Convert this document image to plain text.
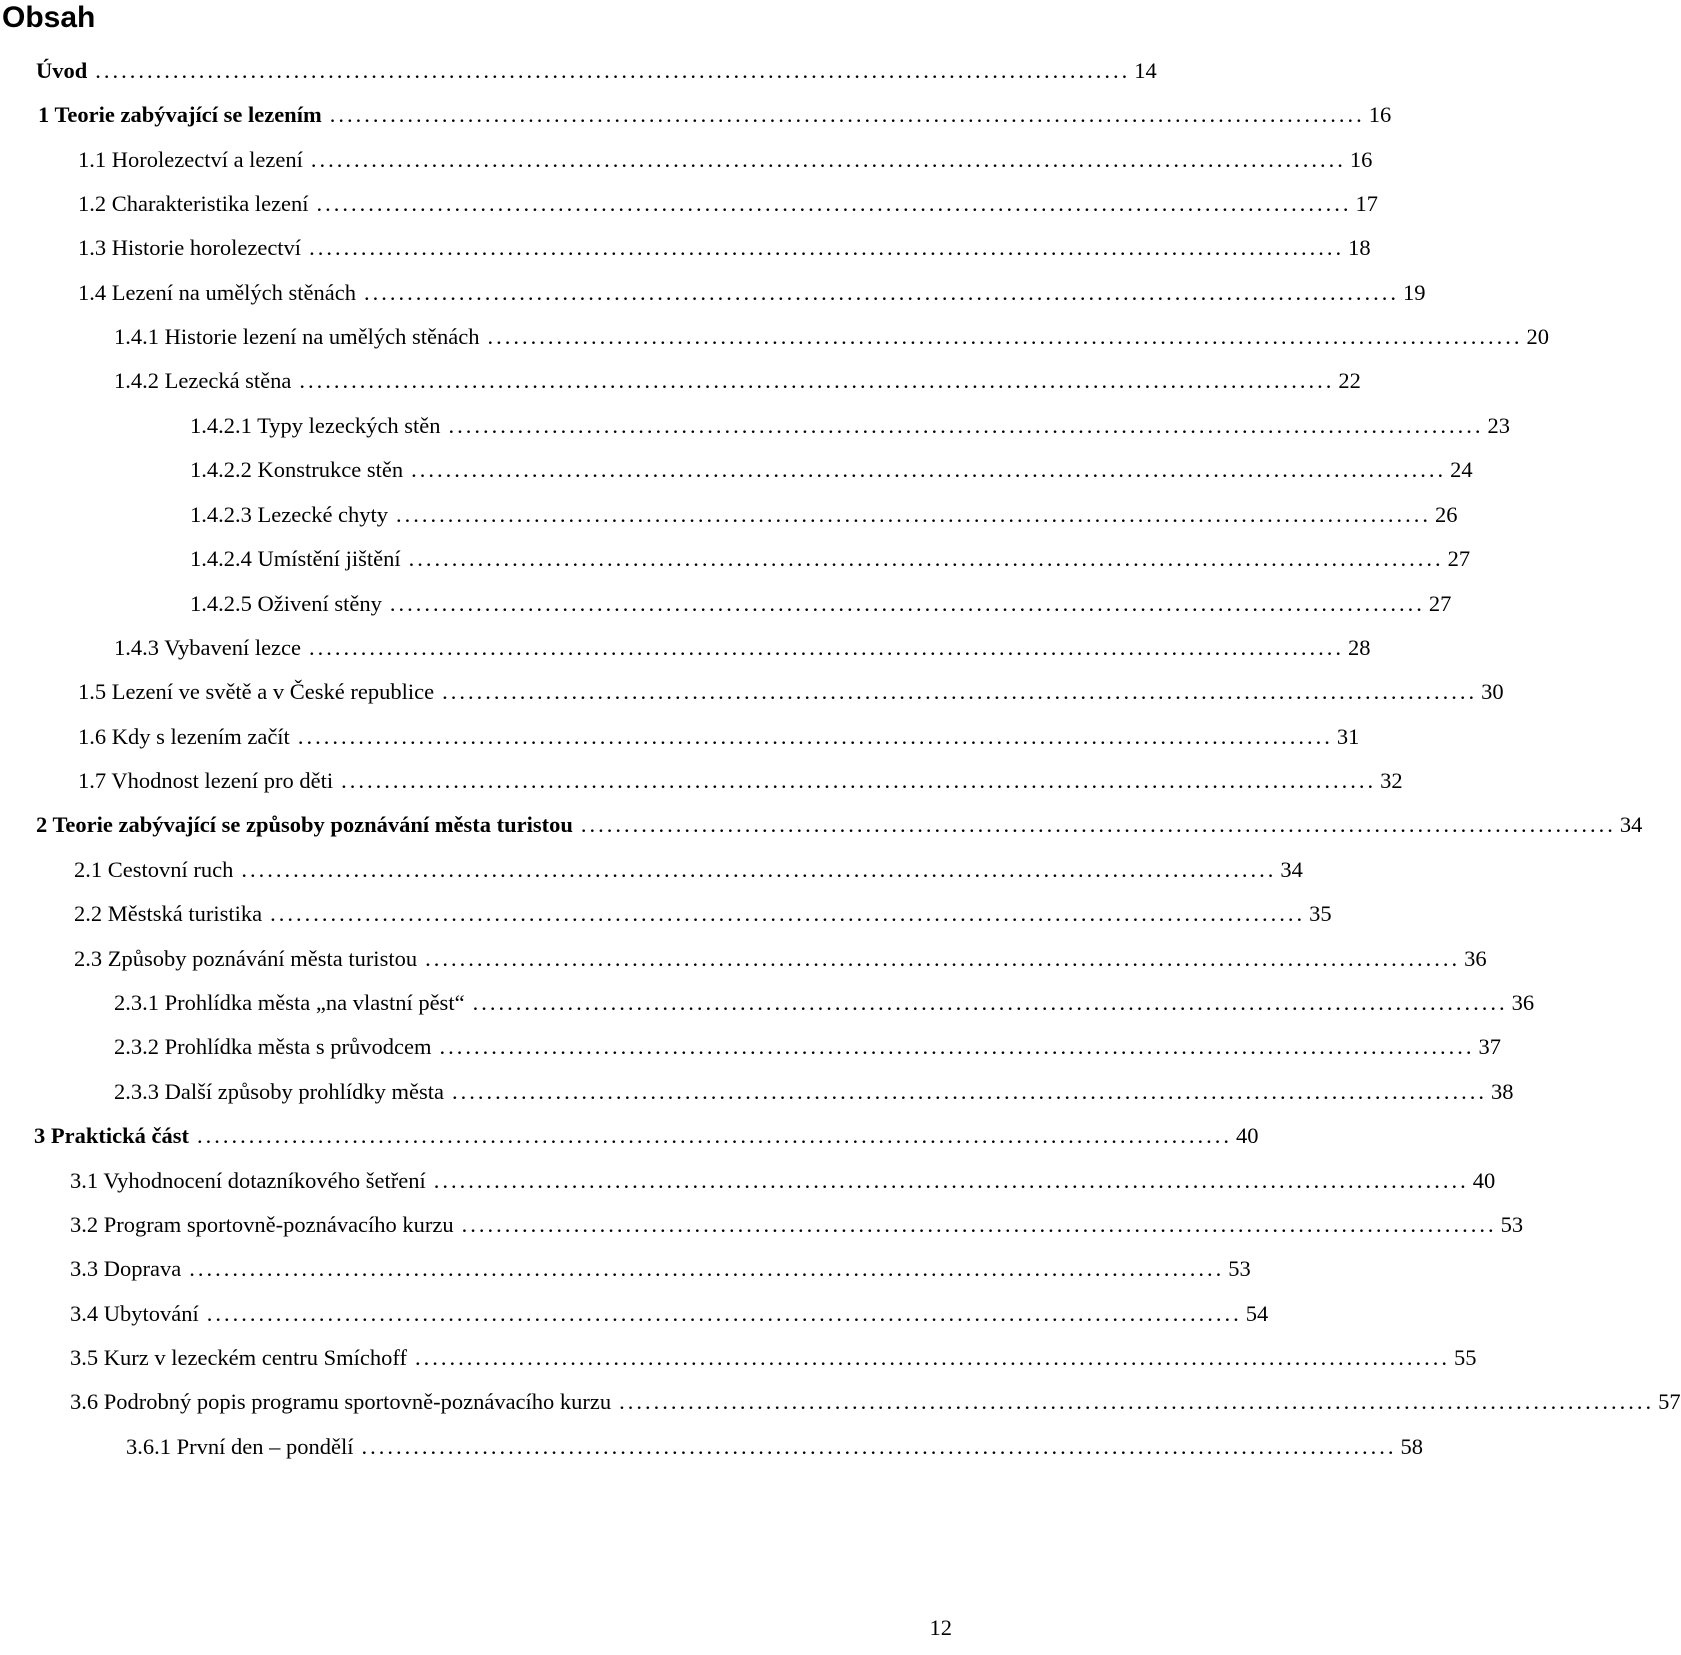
Obsah
Úvod ........................................................................................................................ 14
1 Teorie zabývající se lezením ........................................................................................................................ 16
1.1 Horolezectví a lezení ........................................................................................................................ 16
1.2 Charakteristika lezení ........................................................................................................................ 17
1.3 Historie horolezectví ........................................................................................................................ 18
1.4 Lezení na umělých stěnách ........................................................................................................................ 19
1.4.1 Historie lezení na umělých stěnách ........................................................................................................................ 20
1.4.2 Lezecká stěna ........................................................................................................................ 22
1.4.2.1 Typy lezeckých stěn ........................................................................................................................ 23
1.4.2.2 Konstrukce stěn ........................................................................................................................ 24
1.4.2.3 Lezecké chyty ........................................................................................................................ 26
1.4.2.4 Umístění jištění ........................................................................................................................ 27
1.4.2.5 Oživení stěny ........................................................................................................................ 27
1.4.3 Vybavení lezce ........................................................................................................................ 28
1.5 Lezení ve světě a v České republice ........................................................................................................................ 30
1.6 Kdy s lezením začít ........................................................................................................................ 31
1.7 Vhodnost lezení pro děti ........................................................................................................................ 32
2 Teorie zabývající se způsoby poznávání města turistou ........................................................................................................................ 34
2.1 Cestovní ruch ........................................................................................................................ 34
2.2 Městská turistika ........................................................................................................................ 35
2.3 Způsoby poznávání města turistou ........................................................................................................................ 36
2.3.1 Prohlídka města „na vlastní pěst“ ........................................................................................................................ 36
2.3.2 Prohlídka města s průvodcem ........................................................................................................................ 37
2.3.3 Další způsoby prohlídky města ........................................................................................................................ 38
3 Praktická část ........................................................................................................................ 40
3.1 Vyhodnocení dotazníkového šetření ........................................................................................................................ 40
3.2 Program sportovně-poznávacího kurzu ........................................................................................................................ 53
3.3 Doprava ........................................................................................................................ 53
3.4 Ubytování ........................................................................................................................ 54
3.5 Kurz v lezeckém centru Smíchoff ........................................................................................................................ 55
3.6 Podrobný popis programu sportovně-poznávacího kurzu ........................................................................................................................ 57
3.6.1 První den – pondělí ........................................................................................................................ 58
12
